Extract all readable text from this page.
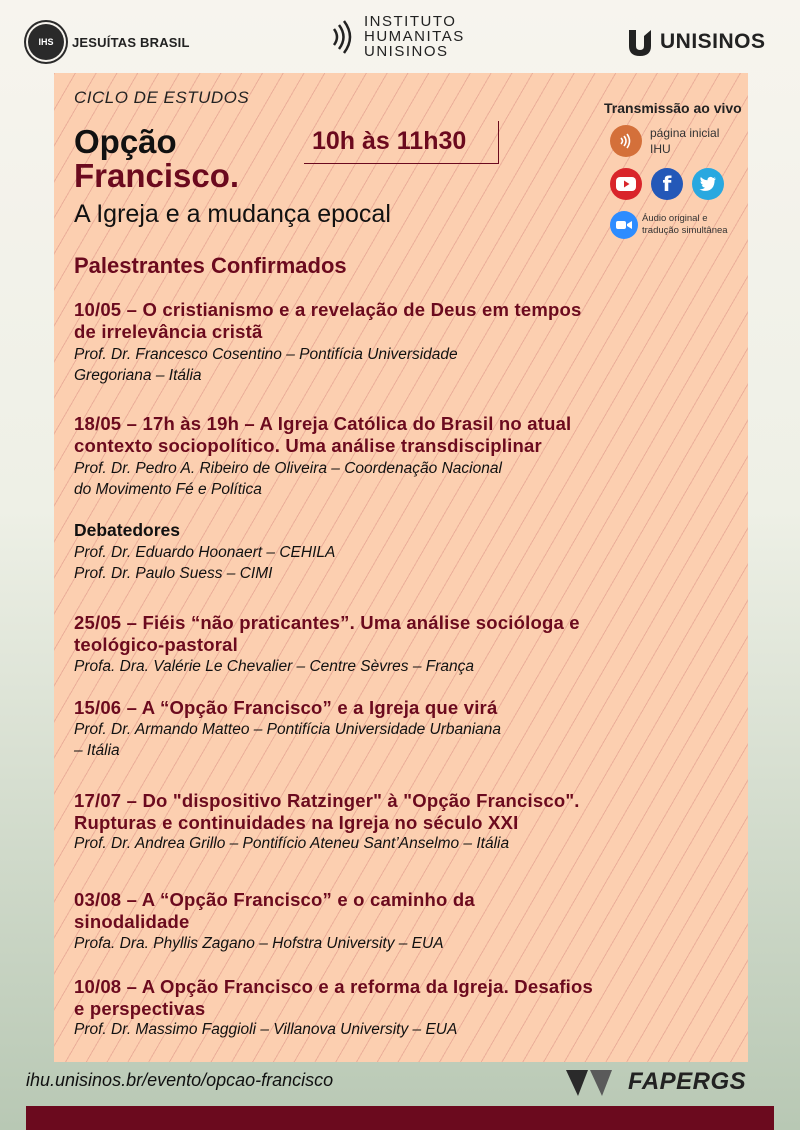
IHS	JESUÍTAS BRASIL
INSTITUTO
HUMANITAS
UNISINOS	UNISINOS
CICLO DE ESTUDOS
Opção
Francisco.
A Igreja e a mudança epocal
10h às 11h30
Transmissão ao vivo
página inicial
IHU
f
Áudio original e
tradução simultânea
Palestrantes Confirmados
10/05 – O cristianismo e a revelação de Deus em tempos
de irrelevância cristã
Prof. Dr. Francesco Cosentino – Pontifícia Universidade
Gregoriana – Itália
18/05 – 17h às 19h – A Igreja Católica do Brasil no atual
contexto sociopolítico. Uma análise transdisciplinar
Prof. Dr. Pedro A. Ribeiro de Oliveira – Coordenação Nacional
do Movimento Fé e Política
Debatedores
Prof. Dr. Eduardo Hoonaert – CEHILA
Prof. Dr. Paulo Suess – CIMI
25/05 – Fiéis “não praticantes”. Uma análise sociólogа e
teológico-pastoral
Profa. Dra. Valérie Le Chevalier – Centre Sèvres – França
15/06 – A “Opção Francisco” e a Igreja que virá
Prof. Dr. Armando Matteo – Pontifícia Universidade Urbaniana
– Itália
17/07 – Do "dispositivo Ratzinger" à "Opção Francisco".
Rupturas e continuidades na Igreja no século XXI
Prof. Dr. Andrea Grillo – Pontifício Ateneu Sant’Anselmo – Itália
03/08 – A “Opção Francisco” e o caminho da
sinodalidade
Profa. Dra. Phyllis Zagano – Hofstra University – EUA
10/08 – A Opção Francisco e a reforma da Igreja. Desafios
e perspectivas
Prof. Dr. Massimo Faggioli – Villanova University – EUA
ihu.unisinos.br/evento/opcao-francisco	FAPERGS
